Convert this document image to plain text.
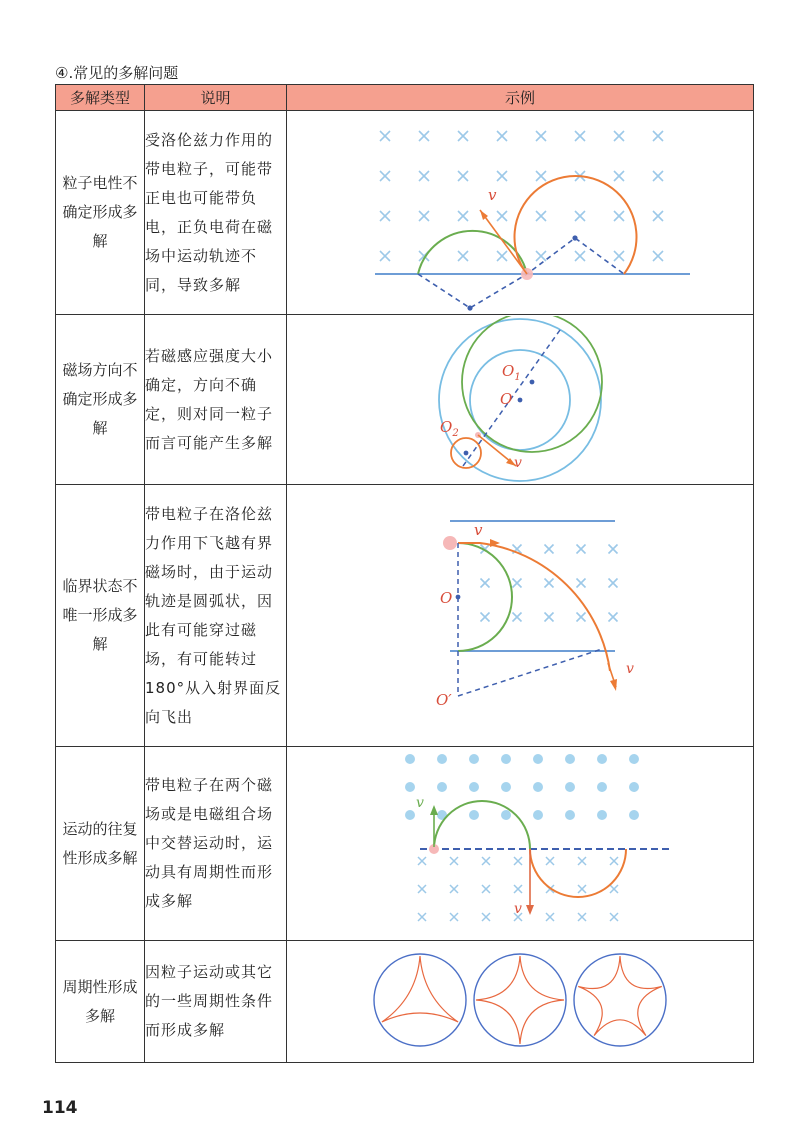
④.常见的多解问题
多解类型	说明	示例
粒子电性不确定形成多解	受洛伦兹力作用的带电粒子，可能带正电也可能带负电，正负电荷在磁场中运动轨迹不同，导致多解	v

磁场方向不确定形成多解	若磁感应强度大小确定，方向不确定，则对同一粒子而言可能产生多解	$O_1$
O
$O_2$
v

临界状态不唯一形成多解	带电粒子在洛伦兹力作用下飞越有界磁场时，由于运动轨迹是圆弧状，因此有可能穿过磁场，有可能转过180°从入射界面反向飞出	v
O
O′
v

运动的往复性形成多解	带电粒子在两个磁场或是电磁组合场中交替运动时，运动具有周期性而形成多解	v
v

周期性形成多解	因粒子运动或其它的一些周期性条件而形成多解	
114
